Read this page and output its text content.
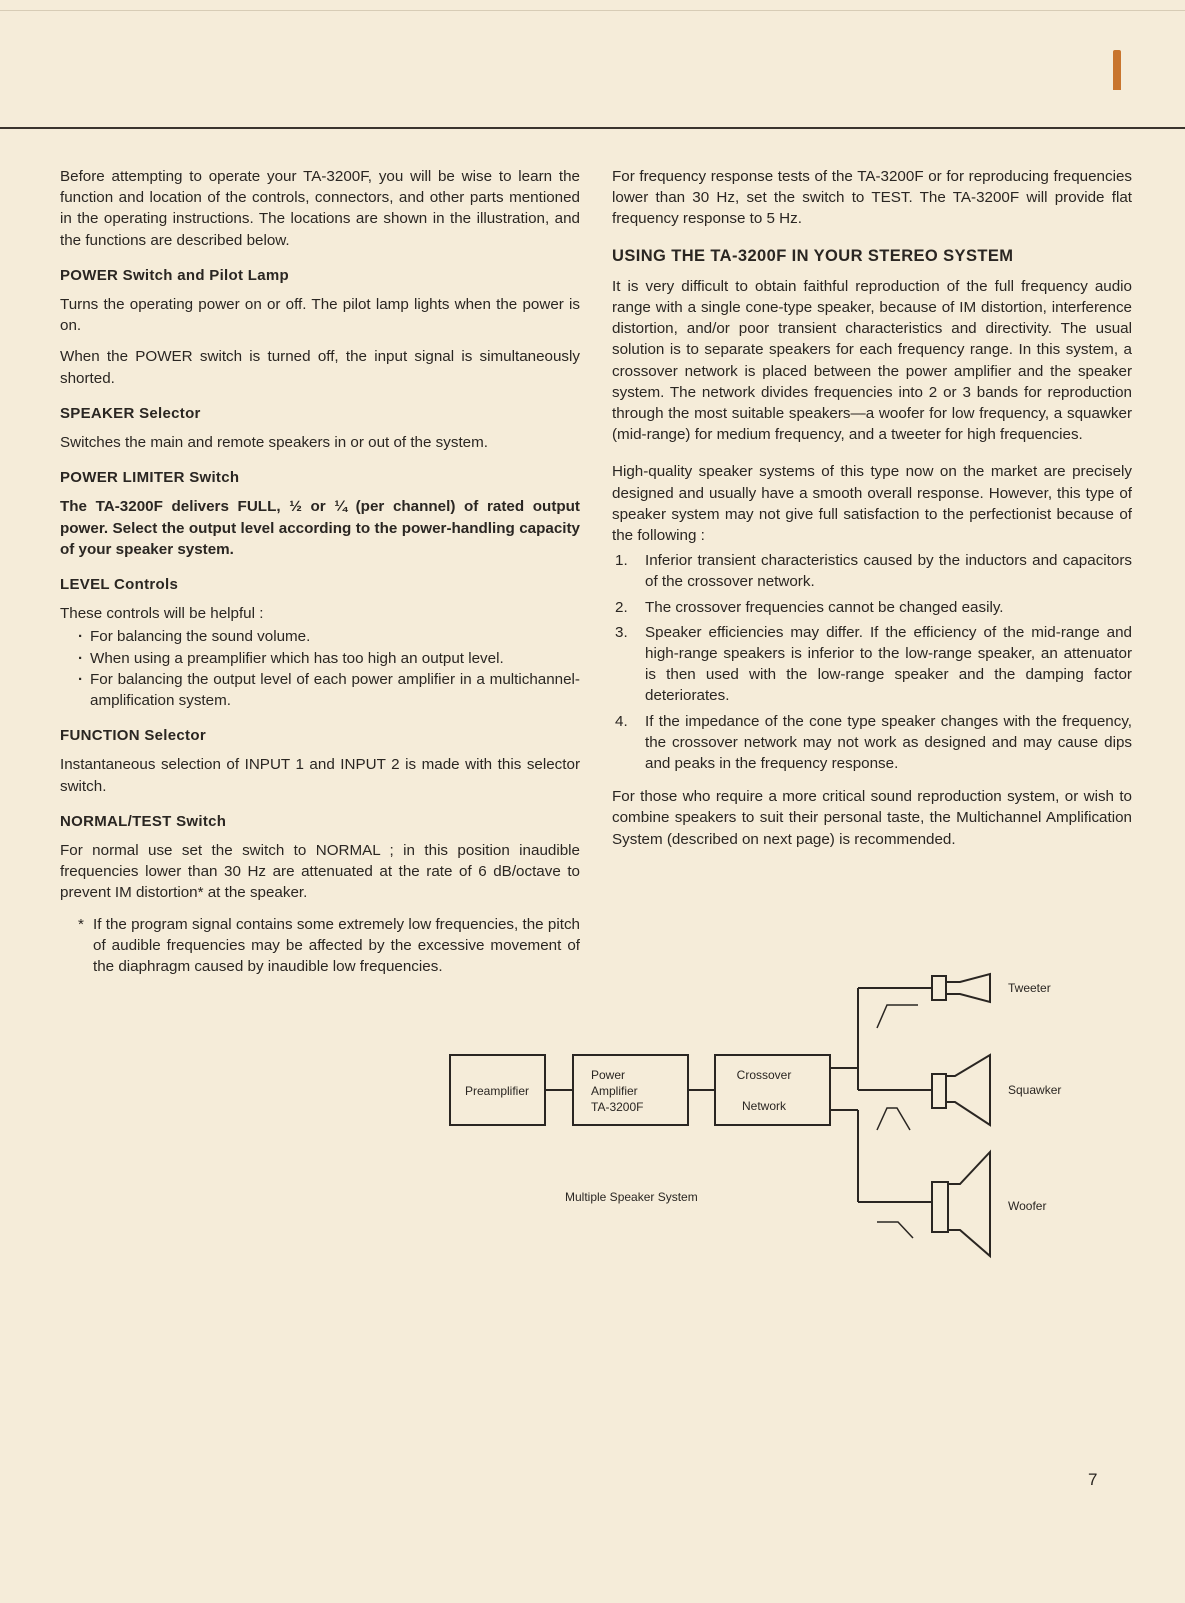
Before attempting to operate your TA-3200F, you will be wise to learn the function and location of the controls, connectors, and other parts mentioned in the operating instructions. The locations are shown in the illustration, and the functions are described below.

POWER Switch and Pilot Lamp

Turns the operating power on or off. The pilot lamp lights when the power is on.

When the POWER switch is turned off, the input signal is simultaneously shorted.

SPEAKER Selector

Switches the main and remote speakers in or out of the system.

POWER LIMITER Switch

The TA-3200F delivers FULL, ½ or ¼ (per channel) of rated output power. Select the output level according to the power-handling capacity of your speaker system.

LEVEL Controls

These controls will be helpful :

· For balancing the sound volume.
· When using a preamplifier which has too high an output level.
· For balancing the output level of each power amplifier in a multichannel-amplification system.
FUNCTION Selector

Instantaneous selection of INPUT 1 and INPUT 2 is made with this selector switch.

NORMAL/TEST Switch

For normal use set the switch to NORMAL ; in this position inaudible frequencies lower than 30 Hz are attenuated at the rate of 6 dB/octave to prevent IM distortion* at the speaker.

* If the program signal contains some extremely low frequencies, the pitch of audible frequencies may be affected by the excessive movement of the diaphragm caused by inaudible low frequencies.

For frequency response tests of the TA-3200F or for reproducing frequencies lower than 30 Hz, set the switch to TEST. The TA-3200F will provide flat frequency response to 5 Hz.

USING THE TA-3200F IN YOUR STEREO SYSTEM

It is very difficult to obtain faithful reproduction of the full frequency audio range with a single cone-type speaker, because of IM distortion, interference distortion, and/or poor transient characteristics and directivity. The usual solution is to separate speakers for each frequency range. In this system, a crossover network is placed between the power amplifier and the speaker system. The network divides frequencies into 2 or 3 bands for reproduction through the most suitable speakers—a woofer for low frequency, a squawker (mid-range) for medium frequency, and a tweeter for high frequencies.

High-quality speaker systems of this type now on the market are precisely designed and usually have a smooth overall response. However, this type of speaker system may not give full satisfaction to the perfectionist because of the following :

1. Inferior transient characteristics caused by the inductors and capacitors of the crossover network.
2. The crossover frequencies cannot be changed easily.
3. Speaker efficiencies may differ. If the efficiency of the mid-range and high-range speakers is inferior to the low-range speaker, an attenuator is then used with the low-range speaker and the damping factor deteriorates.
4. If the impedance of the cone type speaker changes with the frequency, the crossover network may not work as designed and may cause dips and peaks in the frequency response.

For those who require a more critical sound reproduction system, or wish to combine speakers to suit their personal taste, the Multichannel Amplification System (described on next page) is recommended.

Preamplifier
Power
Amplifier
TA-3200F
Crossover
Network
Tweeter
Squawker
Woofer
Multiple Speaker System
7
